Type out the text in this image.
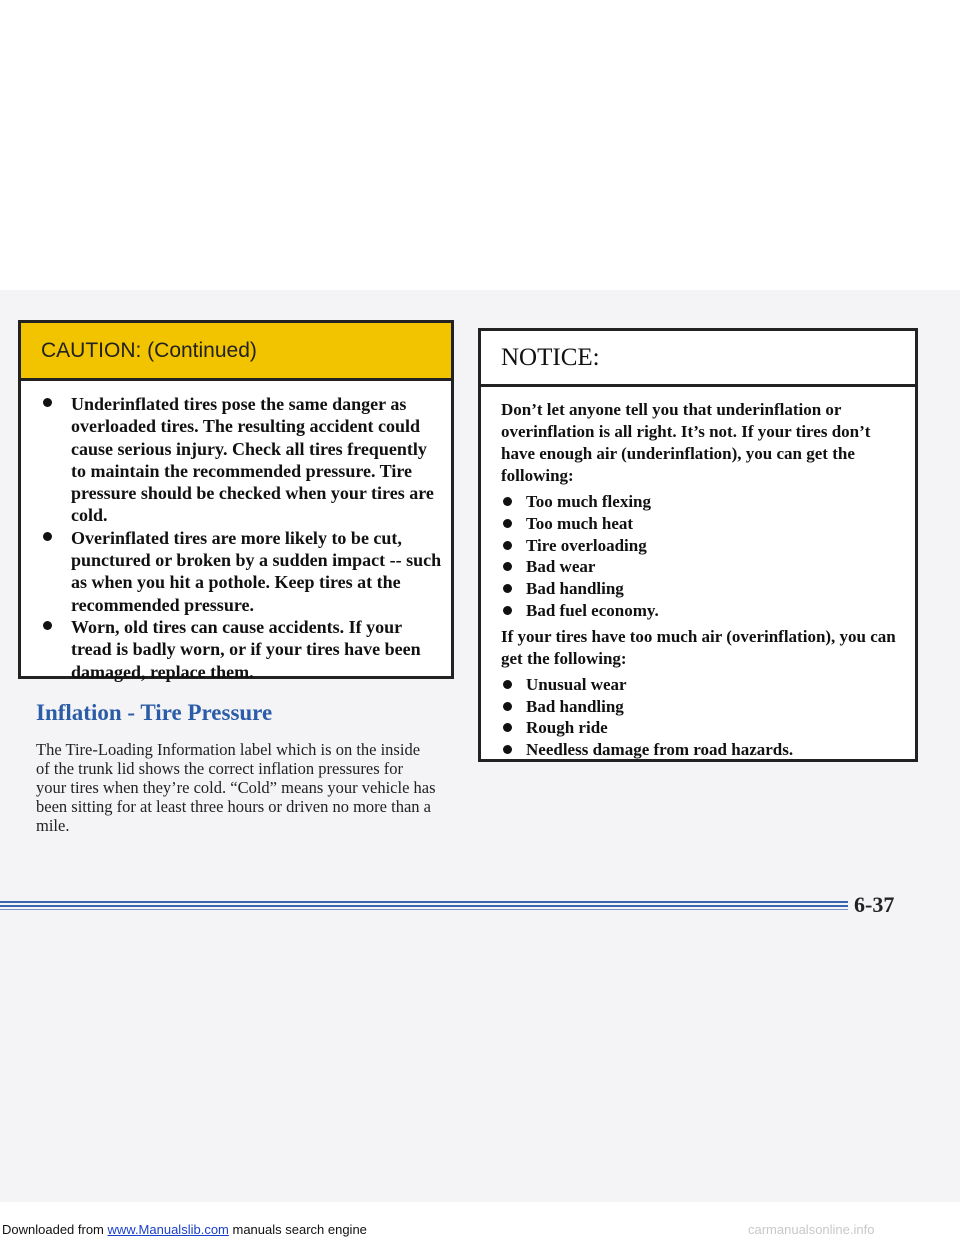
CAUTION: (Continued)
Underinflated tires pose the same danger as overloaded tires. The resulting accident could cause serious injury. Check all tires frequently to maintain the recommended pressure. Tire pressure should be checked when your tires are cold.
Overinflated tires are more likely to be cut, punctured or broken by a sudden impact -- such as when you hit a pothole. Keep tires at the recommended pressure.
Worn, old tires can cause accidents. If your tread is badly worn, or if your tires have been damaged, replace them.
Inflation - Tire Pressure

The Tire-Loading Information label which is on the inside of the trunk lid shows the correct inflation pressures for your tires when they’re cold. “Cold” means your vehicle has been sitting for at least three hours or driven no more than a mile.

NOTICE:

Don’t let anyone tell you that underinflation or overinflation is all right. It’s not. If your tires don’t have enough air (underinflation), you can get the following:

Too much flexing
Too much heat
Tire overloading
Bad wear
Bad handling
Bad fuel economy.

If your tires have too much air (overinflation), you can get the following:

Unusual wear
Bad handling
Rough ride
Needless damage from road hazards.
6-37
Downloaded from www.Manualslib.com manuals search engine	carmanualsonline.info
